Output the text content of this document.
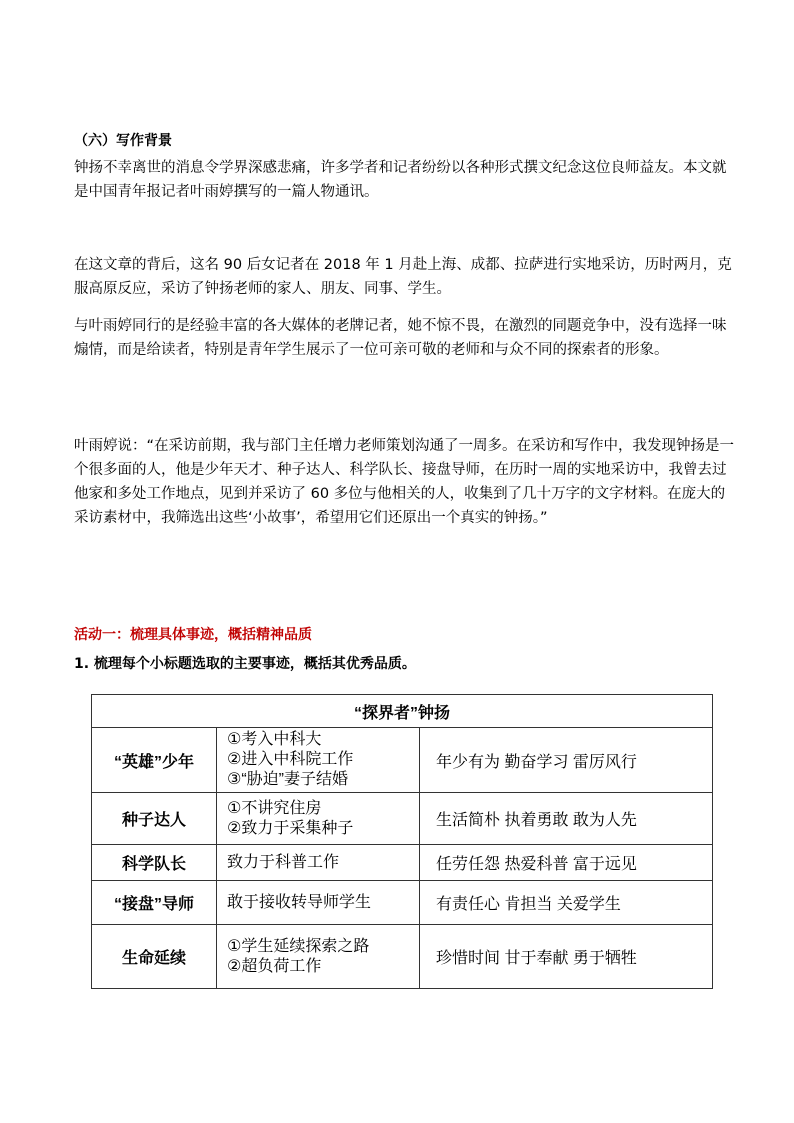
（六）写作背景

钟扬不幸离世的消息令学界深感悲痛，许多学者和记者纷纷以各种形式撰文纪念这位良师益友。本文就是中国青年报记者叶雨婷撰写的一篇人物通讯。

在这文章的背后，这名 90 后女记者在 2018 年 1 月赴上海、成都、拉萨进行实地采访，历时两月，克服高原反应，采访了钟扬老师的家人、朋友、同事、学生。

与叶雨婷同行的是经验丰富的各大媒体的老牌记者，她不惊不畏，在激烈的同题竞争中，没有选择一味煽情，而是给读者，特别是青年学生展示了一位可亲可敬的老师和与众不同的探索者的形象。

叶雨婷说：“在采访前期，我与部门主任增力老师策划沟通了一周多。在采访和写作中，我发现钟扬是一个很多面的人，他是少年天才、种子达人、科学队长、接盘导师，在历时一周的实地采访中，我曾去过他家和多处工作地点，见到并采访了 60 多位与他相关的人，收集到了几十万字的文字材料。在庞大的采访素材中，我筛选出这些‘小故事’，希望用它们还原出一个真实的钟扬。”

活动一：梳理具体事迹，概括精神品质

1. 梳理每个小标题选取的主要事迹，概括其优秀品质。

“探界者”钟扬		
“英雄”少年	①考入中科大
②进入中科院工作
③“胁迫”妻子结婚	年少有为 勤奋学习 雷厉风行
种子达人	①不讲究住房
②致力于采集种子	生活简朴 执着勇敢 敢为人先
科学队长	致力于科普工作	任劳任怨 热爱科普 富于远见
“接盘”导师	敢于接收转导师学生	有责任心 肯担当 关爱学生
生命延续	①学生延续探索之路
②超负荷工作	珍惜时间 甘于奉献 勇于牺牲
